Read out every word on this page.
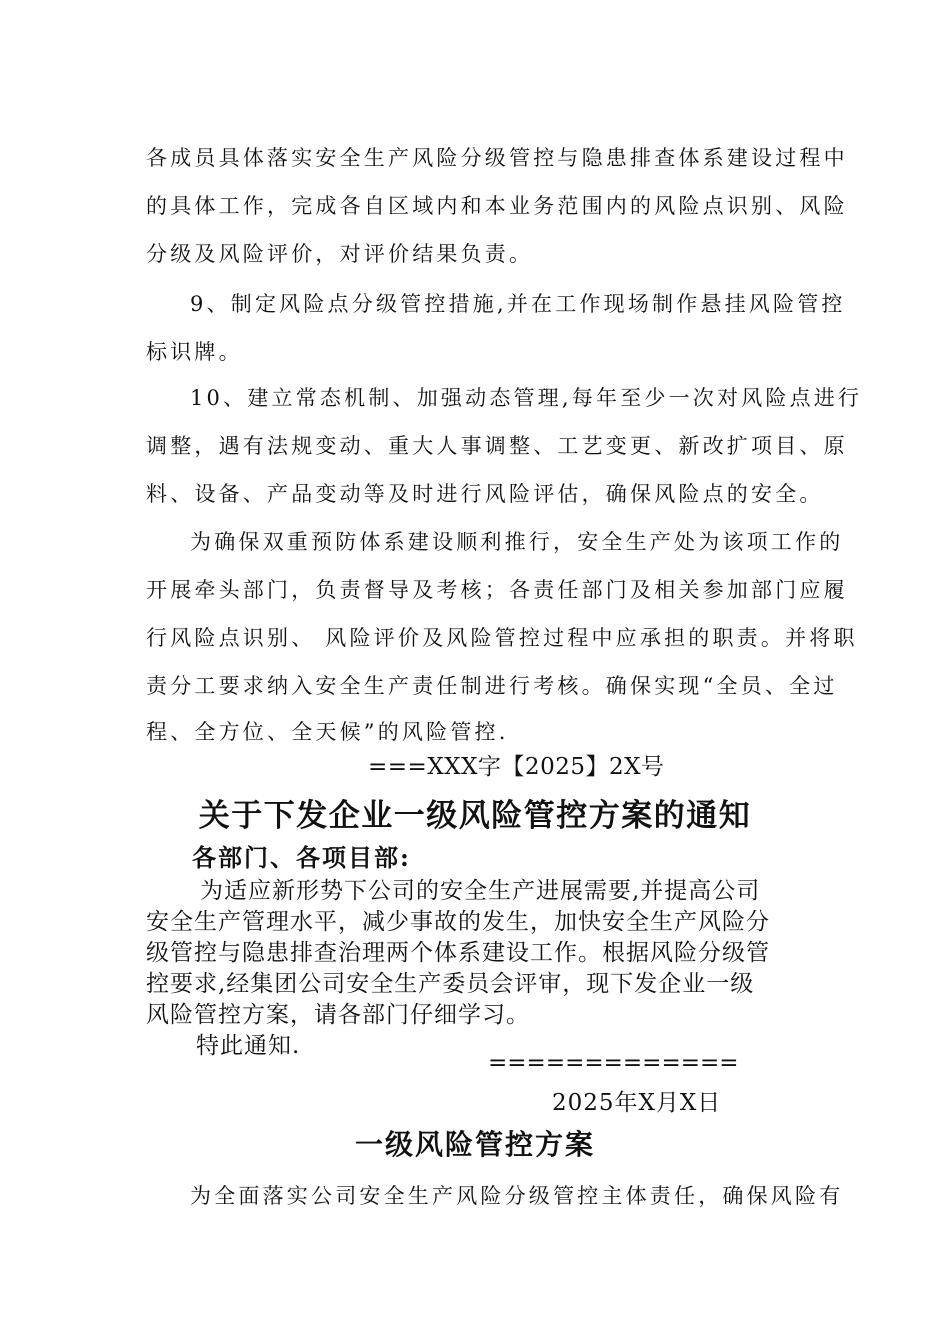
各成员具体落实安全生产风险分级管控与隐患排查体系建设过程中
的具体工作，完成各自区域内和本业务范围内的风险点识别、风险
分级及风险评价，对评价结果负责。
9、制定风险点分级管控措施,并在工作现场制作悬挂风险管控
标识牌。
10、建立常态机制、加强动态管理,每年至少一次对风险点进行
调整，遇有法规变动、重大人事调整、工艺变更、新改扩项目、原
料、设备、产品变动等及时进行风险评估，确保风险点的安全。
为确保双重预防体系建设顺利推行，安全生产处为该项工作的
开展牵头部门，负责督导及考核；各责任部门及相关参加部门应履
行风险点识别、 风险评价及风险管控过程中应承担的职责。并将职
责分工要求纳入安全生产责任制进行考核。确保实现“全员、全过
程、全方位、全天候”的风险管控.
===XXX字【2025】2X号
关于下发企业一级风险管控方案的通知
各部门、各项目部:
为适应新形势下公司的安全生产进展需要,并提高公司
安全生产管理水平，减少事故的发生，加快安全生产风险分
级管控与隐患排查治理两个体系建设工作。根据风险分级管
控要求,经集团公司安全生产委员会评审，现下发企业一级
风险管控方案，请各部门仔细学习。
特此通知.
=============
2025年X月X日
一级风险管控方案
为全面落实公司安全生产风险分级管控主体责任，确保风险有
